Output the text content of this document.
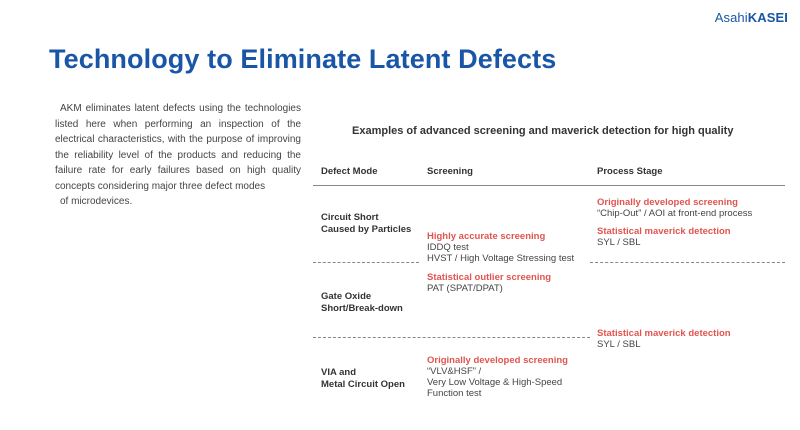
AsahiKASEI
Technology to Eliminate Latent Defects
AKM eliminates latent defects using the technologies listed here when performing an inspection of the electrical characteristics, with the purpose of improving the reliability level of the products and reducing the failure rate for early failures based on high quality concepts considering major three defect modes
of microdevices.
Examples of advanced screening and maverick detection for high quality
Defect Mode	Screening	Process Stage
Circuit Short
Caused by Particles
Highly accurate screening
IDDQ test
HVST / High Voltage Stressing test
Originally developed screening
“Chip-Out” / AOI at front-end process
Statistical maverick detection
SYL / SBL
Gate Oxide
Short/Break-down
Statistical outlier screening
PAT (SPAT/DPAT)
Statistical maverick detection
SYL / SBL
VIA and
Metal Circuit Open
Originally developed screening
“VLV&HSF” /
Very Low Voltage & High-Speed
Function test
